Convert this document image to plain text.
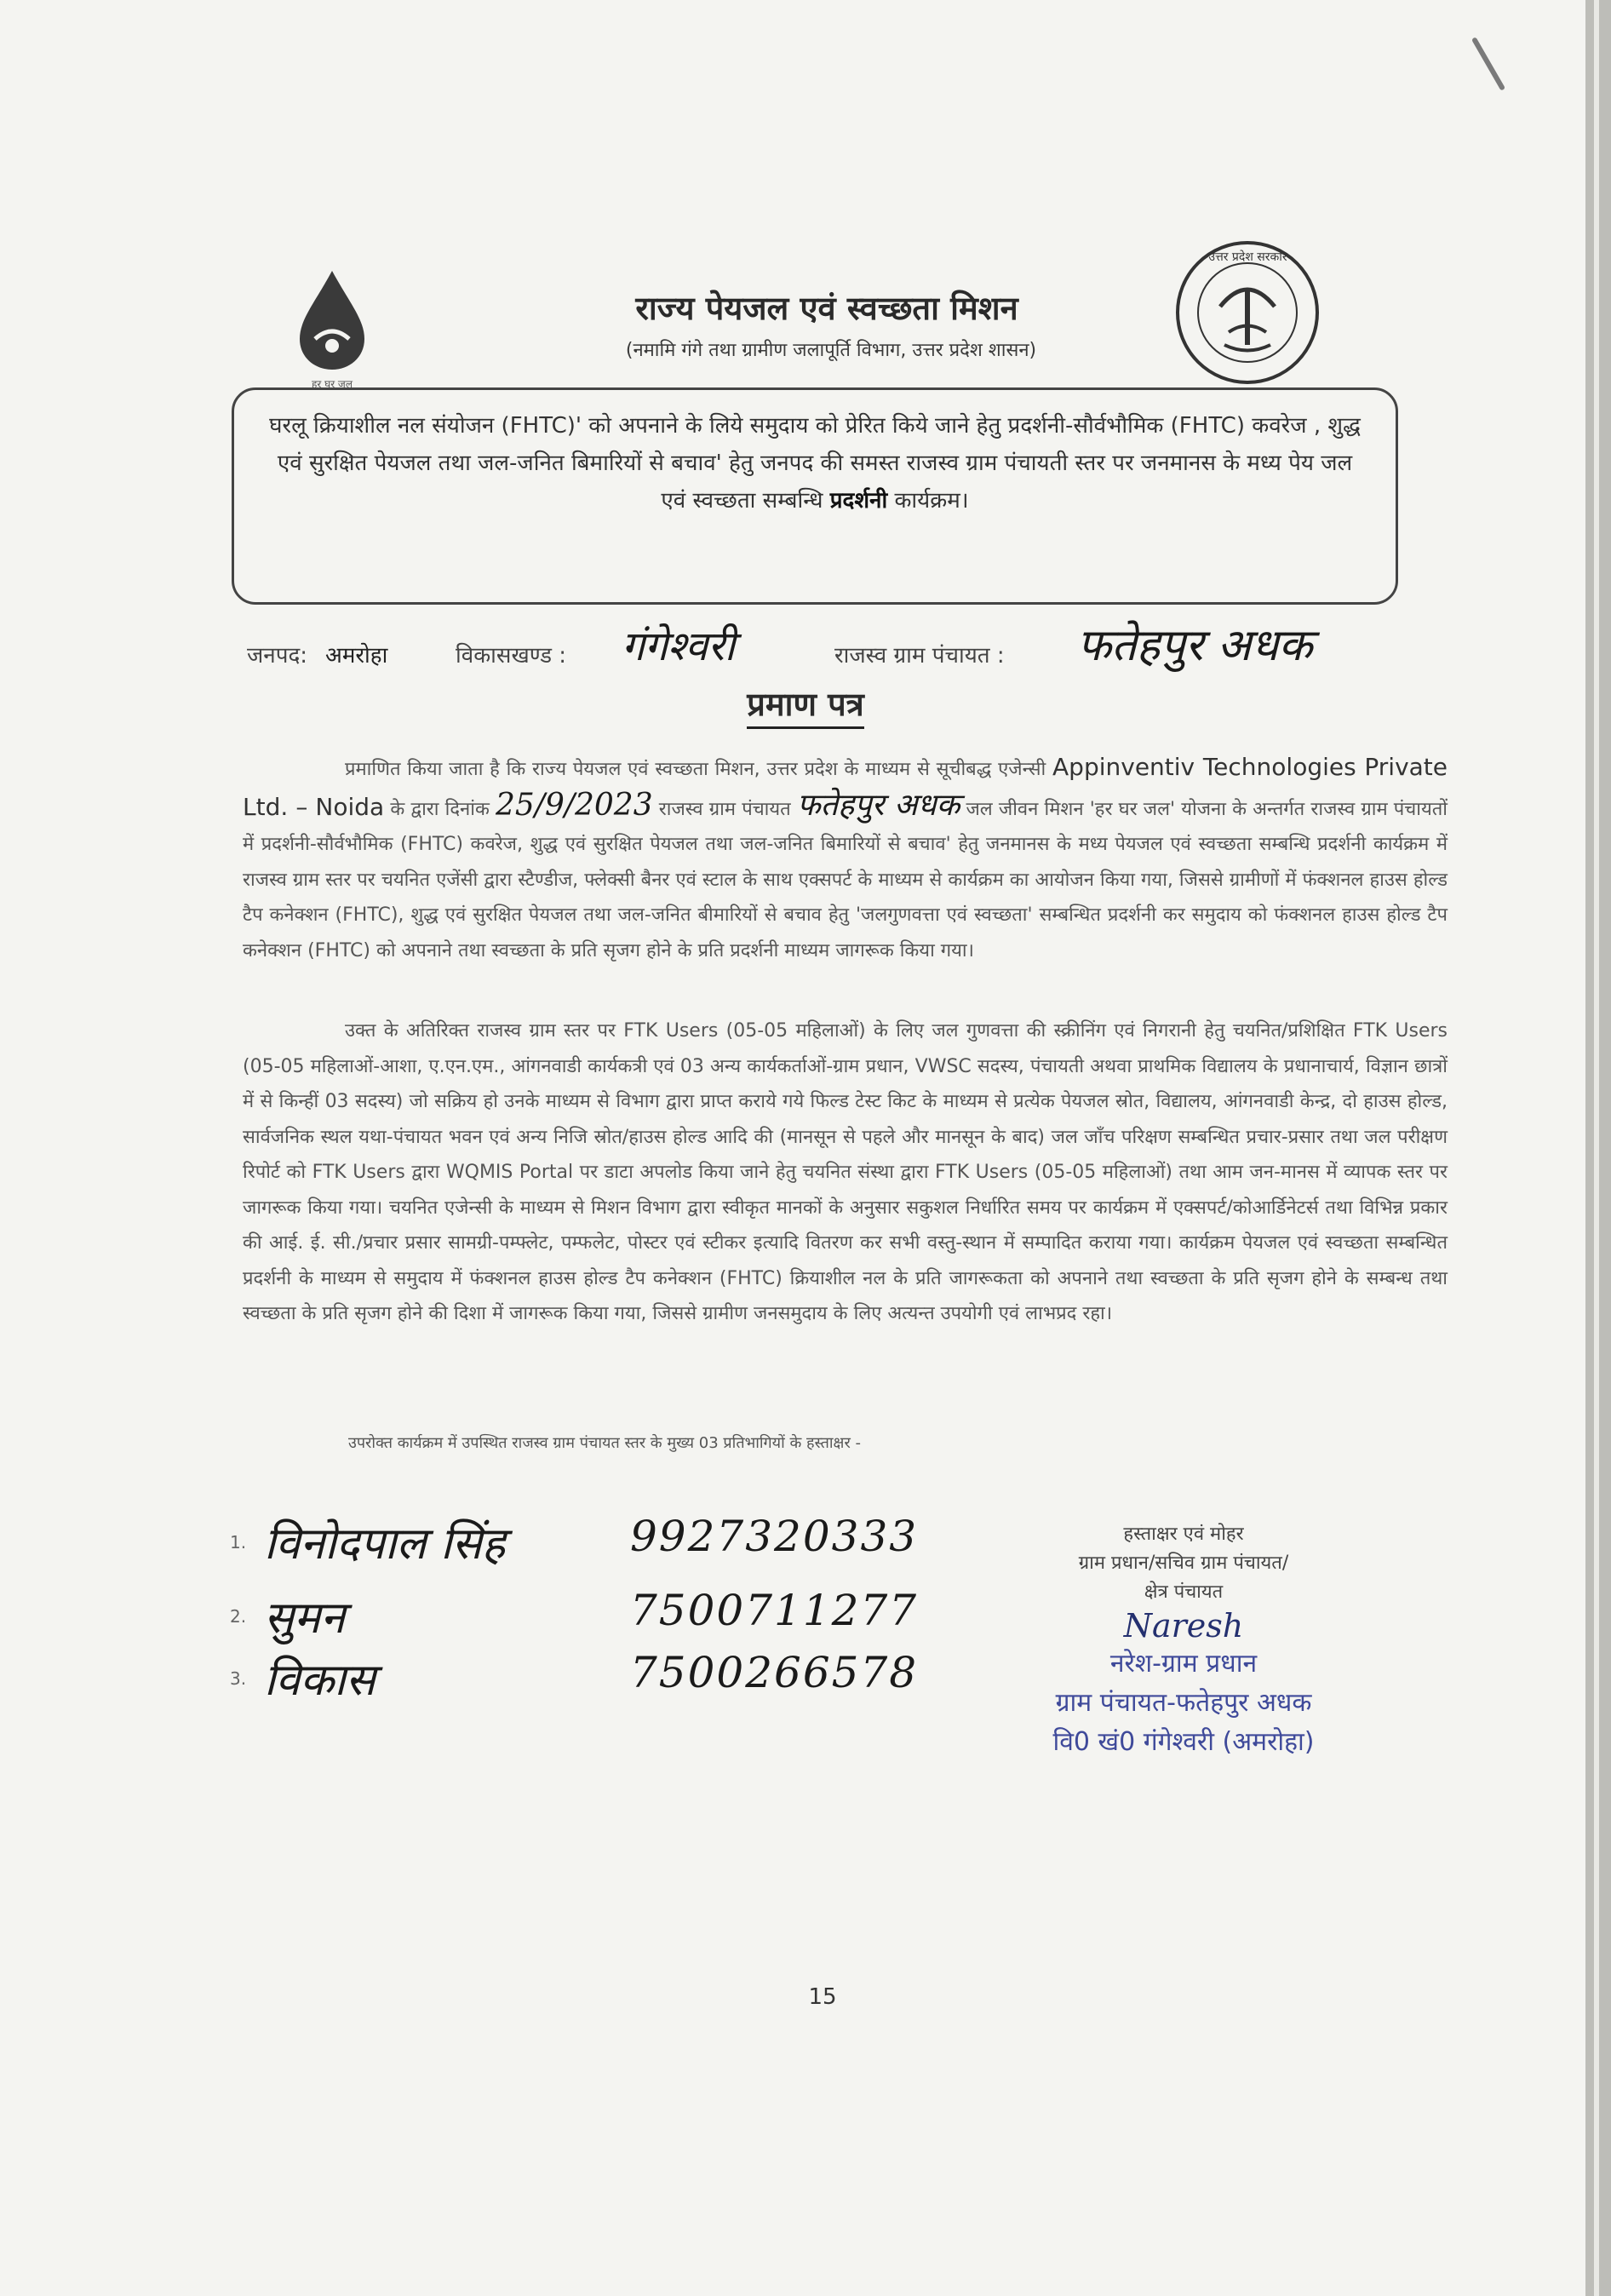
हर घर जल
उत्तर प्रदेश सरकार
राज्य पेयजल एवं स्वच्छता मिशन
(नमामि गंगे तथा ग्रामीण जलापूर्ति विभाग, उत्तर प्रदेश शासन)
घरलू क्रियाशील नल संयोजन (FHTC)' को अपनाने के लिये समुदाय को प्रेरित किये जाने हेतु प्रदर्शनी-सौर्वभौमिक (FHTC) कवरेज , शुद्ध एवं सुरक्षित पेयजल तथा जल-जनित बिमारियों से बचाव' हेतु जनपद की समस्त राजस्व ग्राम पंचायती स्तर पर जनमानस के मध्य पेय जल एवं स्वच्छता सम्बन्धि प्रदर्शनी कार्यक्रम।
जनपद: अमरोहा	विकासखण्ड : गंगेश्वरी	राजस्व ग्राम पंचायत : फतेहपुर अधक
प्रमाण पत्र
प्रमाणित किया जाता है कि राज्य पेयजल एवं स्वच्छता मिशन, उत्तर प्रदेश के माध्यम से सूचीबद्ध एजेन्सी Appinventiv Technologies Private Ltd. – Noida के द्वारा दिनांक 25/9/2023 राजस्व ग्राम पंचायत फतेहपुर अधक जल जीवन मिशन 'हर घर जल' योजना के अन्तर्गत राजस्व ग्राम पंचायतों में प्रदर्शनी-सौर्वभौमिक (FHTC) कवरेज, शुद्ध एवं सुरक्षित पेयजल तथा जल-जनित बिमारियों से बचाव' हेतु जनमानस के मध्य पेयजल एवं स्वच्छता सम्बन्धि प्रदर्शनी कार्यक्रम में राजस्व ग्राम स्तर पर चयनित एजेंसी द्वारा स्टैण्डीज, फ्लेक्सी बैनर एवं स्टाल के साथ एक्सपर्ट के माध्यम से कार्यक्रम का आयोजन किया गया, जिससे ग्रामीणों में फंक्शनल हाउस होल्ड टैप कनेक्शन (FHTC), शुद्ध एवं सुरक्षित पेयजल तथा जल-जनित बीमारियों से बचाव हेतु 'जलगुणवत्ता एवं स्वच्छता' सम्बन्धित प्रदर्शनी कर समुदाय को फंक्शनल हाउस होल्ड टैप कनेक्शन (FHTC) को अपनाने तथा स्वच्छता के प्रति सृजग होने के प्रति प्रदर्शनी माध्यम जागरूक किया गया।
उक्त के अतिरिक्त राजस्व ग्राम स्तर पर FTK Users (05-05 महिलाओं) के लिए जल गुणवत्ता की स्क्रीनिंग एवं निगरानी हेतु चयनित/प्रशिक्षित FTK Users (05-05 महिलाओं-आशा, ए.एन.एम., आंगनवाडी कार्यकत्री एवं 03 अन्य कार्यकर्ताओं-ग्राम प्रधान, VWSC सदस्य, पंचायती अथवा प्राथमिक विद्यालय के प्रधानाचार्य, विज्ञान छात्रों में से किन्हीं 03 सदस्य) जो सक्रिय हो उनके माध्यम से विभाग द्वारा प्राप्त कराये गये फिल्ड टेस्ट किट के माध्यम से प्रत्येक पेयजल स्रोत, विद्यालय, आंगनवाडी केन्द्र, दो हाउस होल्ड, सार्वजनिक स्थल यथा-पंचायत भवन एवं अन्य निजि स्रोत/हाउस होल्ड आदि की (मानसून से पहले और मानसून के बाद) जल जाँच परिक्षण सम्बन्धित प्रचार-प्रसार तथा जल परीक्षण रिपोर्ट को FTK Users द्वारा WQMIS Portal पर डाटा अपलोड किया जाने हेतु चयनित संस्था द्वारा FTK Users (05-05 महिलाओं) तथा आम जन-मानस में व्यापक स्तर पर जागरूक किया गया। चयनित एजेन्सी के माध्यम से मिशन विभाग द्वारा स्वीकृत मानकों के अनुसार सकुशल निर्धारित समय पर कार्यक्रम में एक्सपर्ट/कोआर्डिनेटर्स तथा विभिन्न प्रकार की आई. ई. सी./प्रचार प्रसार सामग्री-पम्फ्लेट, पम्फलेट, पोस्टर एवं स्टीकर इत्यादि वितरण कर सभी वस्तु-स्थान में सम्पादित कराया गया। कार्यक्रम पेयजल एवं स्वच्छता सम्बन्धित प्रदर्शनी के माध्यम से समुदाय में फंक्शनल हाउस होल्ड टैप कनेक्शन (FHTC) क्रियाशील नल के प्रति जागरूकता को अपनाने तथा स्वच्छता के प्रति सृजग होने के सम्बन्ध तथा स्वच्छता के प्रति सृजग होने की दिशा में जागरूक किया गया, जिससे ग्रामीण जनसमुदाय के लिए अत्यन्त उपयोगी एवं लाभप्रद रहा।
उपरोक्त कार्यक्रम में उपस्थित राजस्व ग्राम पंचायत स्तर के मुख्य 03 प्रतिभागियों के हस्ताक्षर -
1. विनोदपाल सिंह	9927320333
2. सुमन	7500711277
3. विकास	7500266578
हस्ताक्षर एवं मोहर
ग्राम प्रधान/सचिव ग्राम पंचायत/
क्षेत्र पंचायत
Naresh
नरेश-ग्राम प्रधान
ग्राम पंचायत-फतेहपुर अधक
वि0 खं0 गंगेश्वरी (अमरोहा)
15
